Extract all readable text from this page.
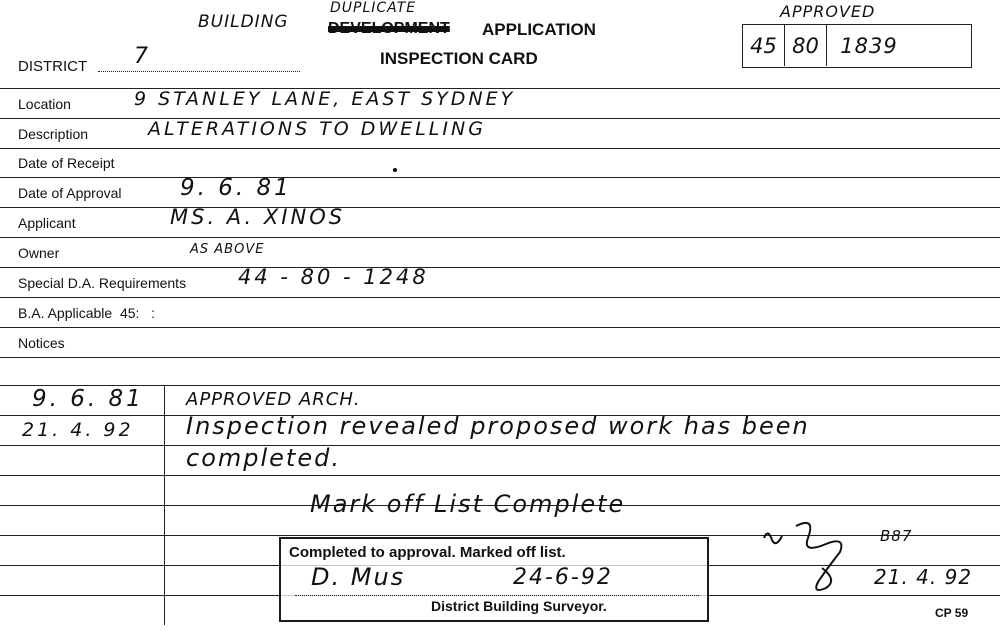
BUILDING
DUPLICATE
DEVELOPMENT APPLICATION
INSPECTION CARD
DISTRICT 7
APPROVED
45 80 1839
Location	9 STANLEY LANE, EAST SYDNEY
Description	ALTERATIONS TO DWELLING
Date of Receipt
Date of Approval	9. 6. 81
Applicant	MS. A. XINOS
Owner	AS ABOVE
Special D.A. Requirements 44 - 80 - 1248
B.A. Applicable  45:   :
Notices
9. 6. 81 APPROVED ARCH.
21. 4. 92 Inspection revealed proposed work has been
completed.
Mark off List Complete
B87
21. 4. 92
Completed to approval. Marked off list.
D. Mus	24-6-92
District Building Surveyor.	CP 59
